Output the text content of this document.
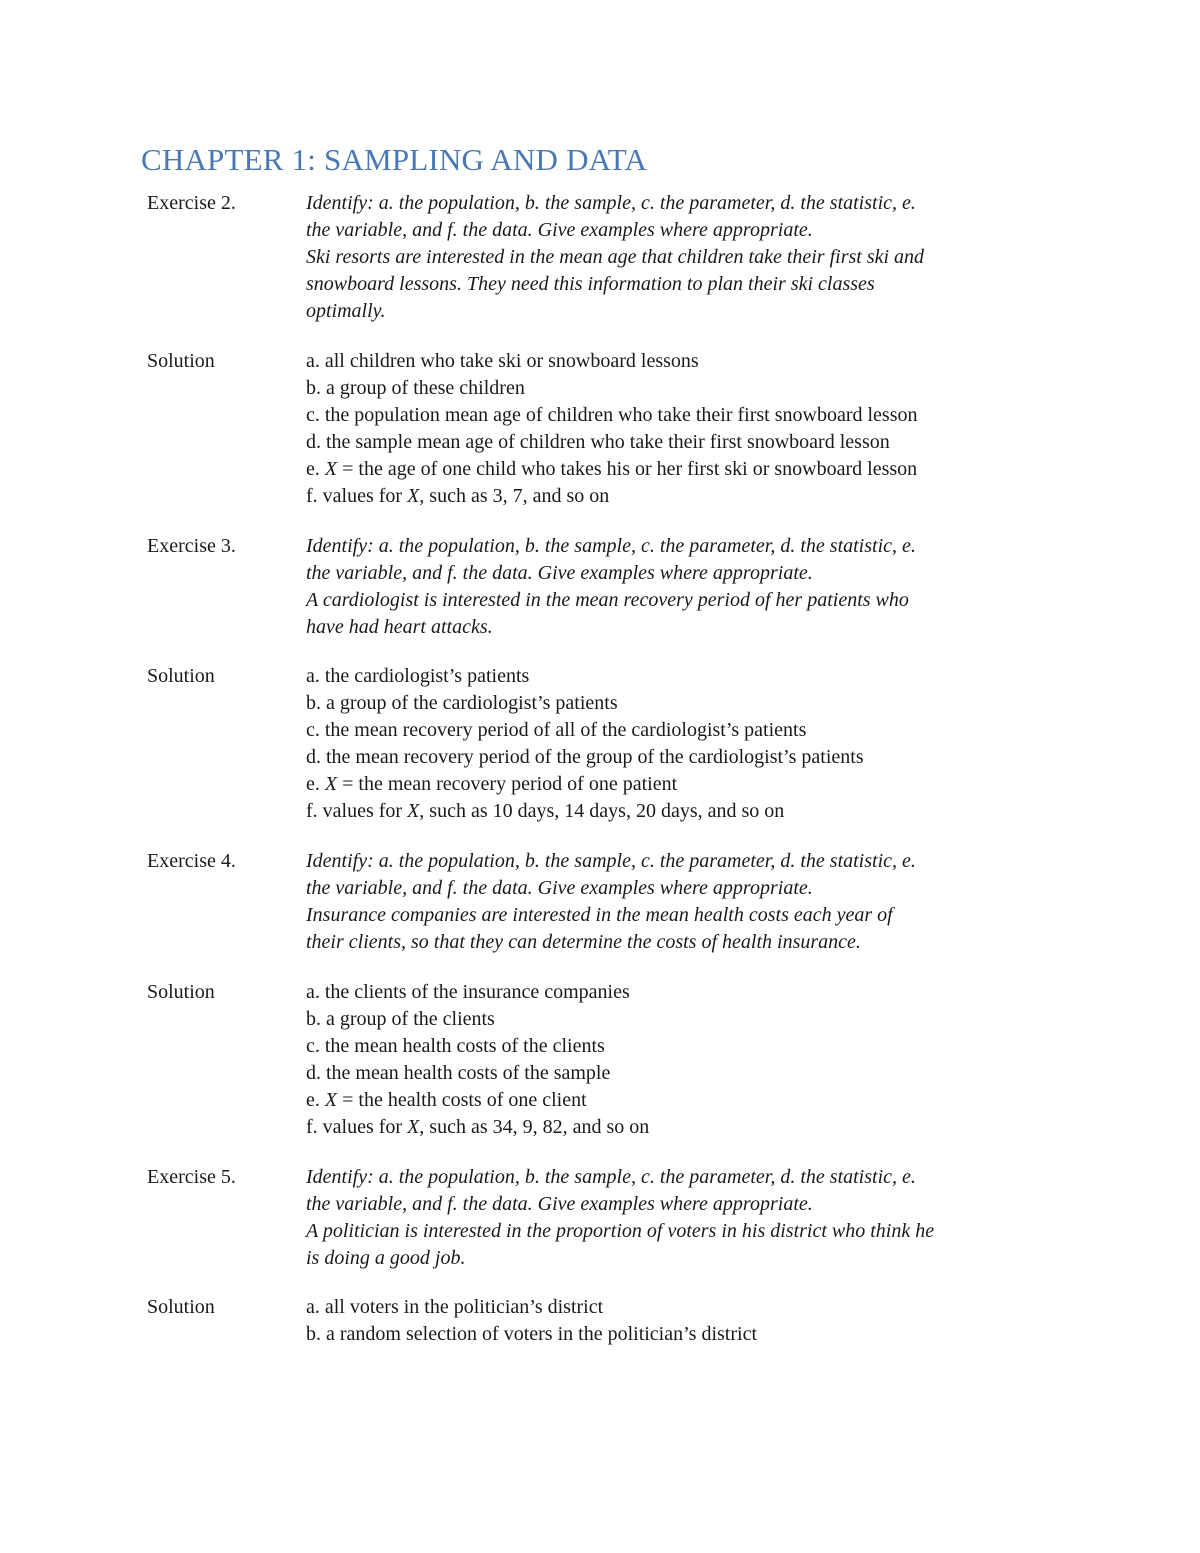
CHAPTER 1: SAMPLING AND DATA
Exercise 2.	Identify: a. the population, b. the sample, c. the parameter, d. the statistic, e.
the variable, and f. the data. Give examples where appropriate.
Ski resorts are interested in the mean age that children take their first ski and
snowboard lessons. They need this information to plan their ski classes
optimally.
Solution	a. all children who take ski or snowboard lessons
b. a group of these children
c. the population mean age of children who take their first snowboard lesson
d. the sample mean age of children who take their first snowboard lesson
e. X = the age of one child who takes his or her first ski or snowboard lesson
f. values for X, such as 3, 7, and so on
Exercise 3.	Identify: a. the population, b. the sample, c. the parameter, d. the statistic, e.
the variable, and f. the data. Give examples where appropriate.
A cardiologist is interested in the mean recovery period of her patients who
have had heart attacks.
Solution	a. the cardiologist’s patients
b. a group of the cardiologist’s patients
c. the mean recovery period of all of the cardiologist’s patients
d. the mean recovery period of the group of the cardiologist’s patients
e. X = the mean recovery period of one patient
f. values for X, such as 10 days, 14 days, 20 days, and so on
Exercise 4.	Identify: a. the population, b. the sample, c. the parameter, d. the statistic, e.
the variable, and f. the data. Give examples where appropriate.
Insurance companies are interested in the mean health costs each year of
their clients, so that they can determine the costs of health insurance.
Solution	a. the clients of the insurance companies
b. a group of the clients
c. the mean health costs of the clients
d. the mean health costs of the sample
e. X = the health costs of one client
f. values for X, such as 34, 9, 82, and so on
Exercise 5.	Identify: a. the population, b. the sample, c. the parameter, d. the statistic, e.
the variable, and f. the data. Give examples where appropriate.
A politician is interested in the proportion of voters in his district who think he
is doing a good job.
Solution	a. all voters in the politician’s district
b. a random selection of voters in the politician’s district
